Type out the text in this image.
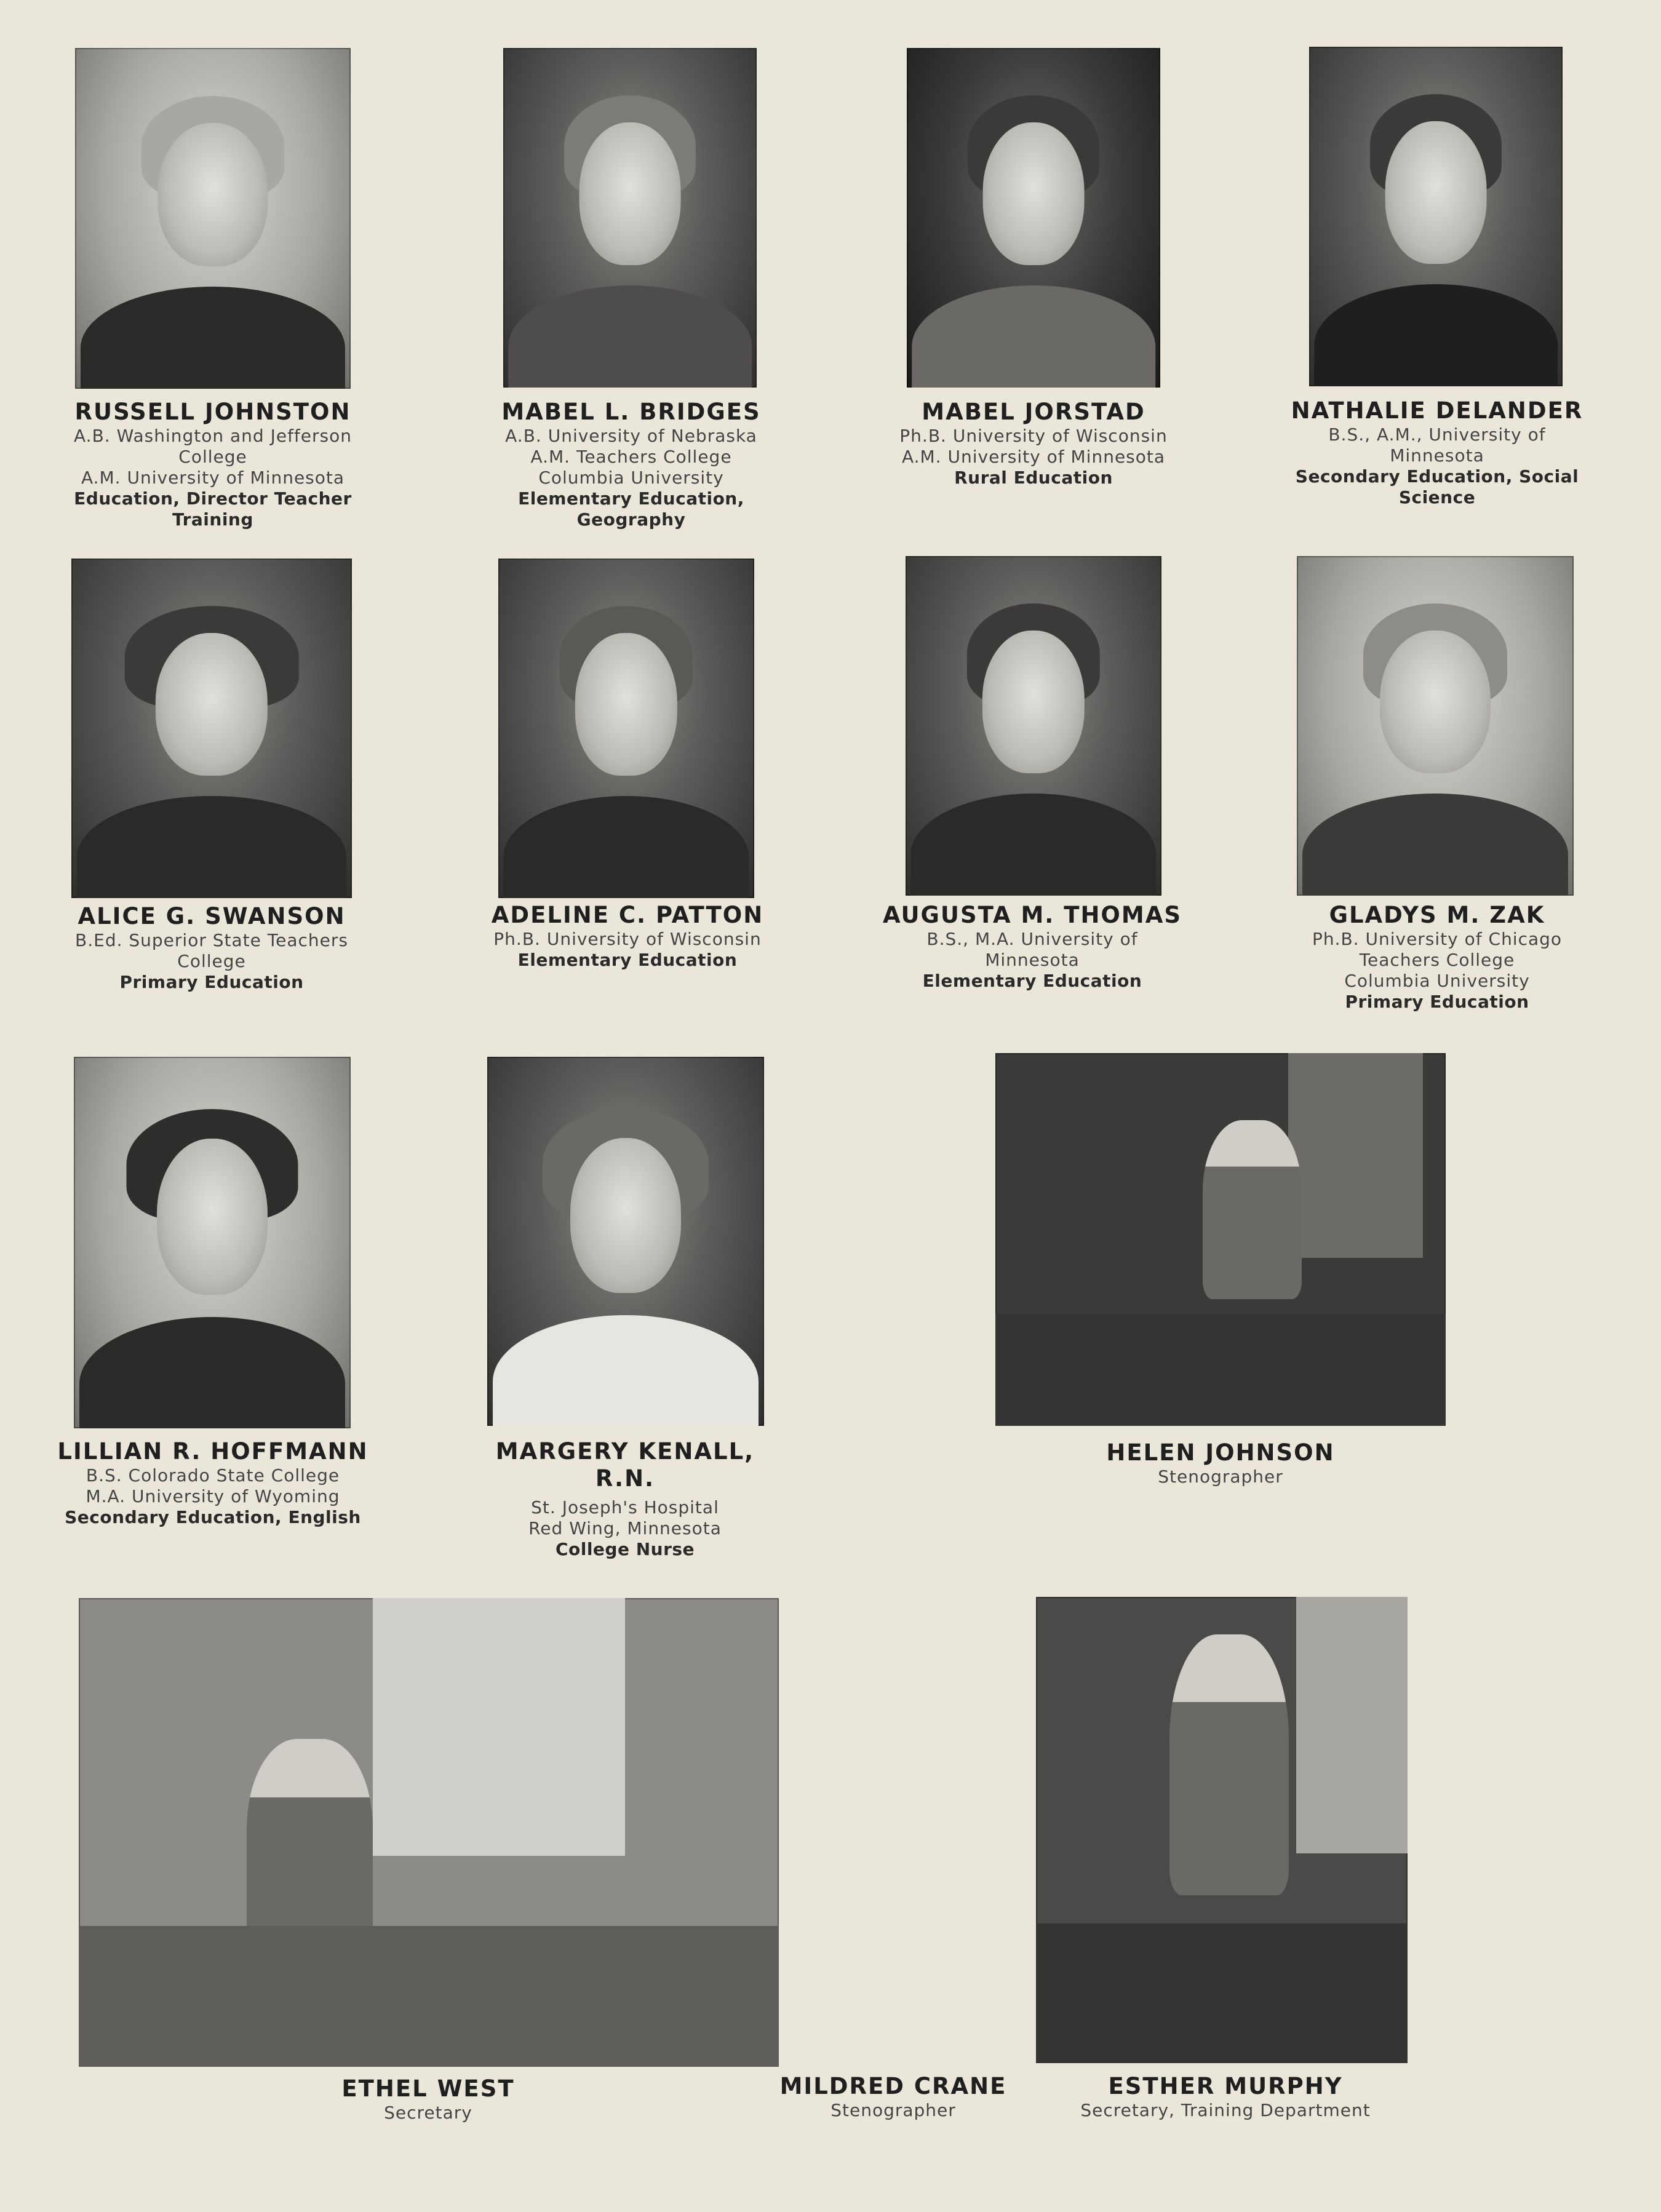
RUSSELL JOHNSTON
A.B. Washington and Jefferson
College
A.M. University of Minnesota
Education, Director Teacher
Training
MABEL L. BRIDGES
A.B. University of Nebraska
A.M. Teachers College
Columbia University
Elementary Education,
Geography
MABEL JORSTAD
Ph.B. University of Wisconsin
A.M. University of Minnesota
Rural Education
NATHALIE DELANDER
B.S., A.M., University of
Minnesota
Secondary Education, Social
Science
ALICE G. SWANSON
B.Ed. Superior State Teachers
College
Primary Education
ADELINE C. PATTON
Ph.B. University of Wisconsin
Elementary Education
AUGUSTA M. THOMAS
B.S., M.A. University of
Minnesota
Elementary Education
GLADYS M. ZAK
Ph.B. University of Chicago
Teachers College
Columbia University
Primary Education
LILLIAN R. HOFFMANN
B.S. Colorado State College
M.A. University of Wyoming
Secondary Education, English
MARGERY KENALL,
R.N.
St. Joseph's Hospital
Red Wing, Minnesota
College Nurse
HELEN JOHNSON
Stenographer
ETHEL WEST
Secretary
MILDRED CRANE
Stenographer
ESTHER MURPHY
Secretary, Training Department
